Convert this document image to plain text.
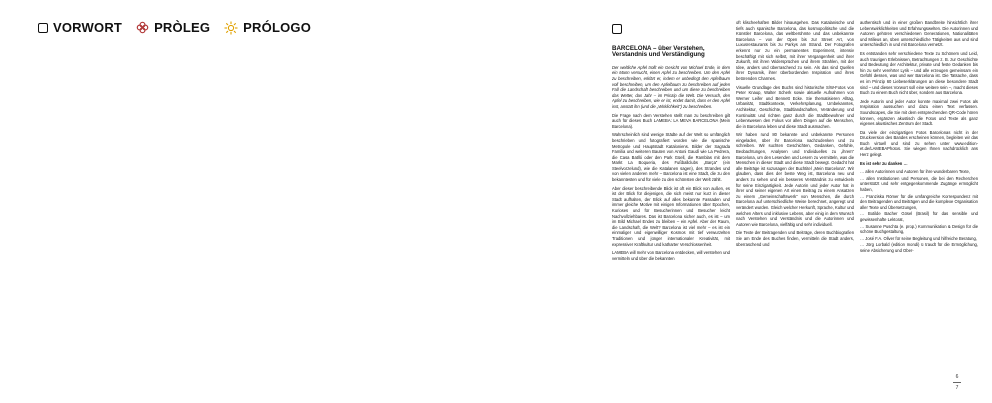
VORWORT PRÒLEG	PRÓLOGO

BARCELONA – über Verstehen, Verstandnis und Verständigung

Der weltliche Apfel trollt ein Gesicht von Michael Ende, in dem ein Mann versucht, einen Apfel zu beschreiben. Um den Apfel zu beschreiben, erklärt er, indem er unbedingt den Apfelbaum voll beschreiben, um den Apfelbaum zu beschreiben auf jeden Fall die Landschaft beschreiben und um diese zu beschreiben das Wetter, das Jahr – im Prinzip die Welt. Die Versuch, den Apfel zu beschreiben, wie er ist, endet damit, dass er den Apfel isst, anstatt ihn (und die „Wirklichkeit“) zu beschreiben.

Die Frage nach dem Verstehen stellt man zu beschreiben gilt auch für dieses Buch LAMEBA: LA MEVA BARCELONA (Mein Barcelona).

Wahrscheinlich sind wenige Städte auf der Welt so umfänglich beschrieben und fotografiert worden wie die spanische Metropole und Hauptstadt Kataloniens. Bilder der Sagrada Familia und weiteren Bauten von Antoni Gaudí wie La Pedrera, die Casa Batlló oder den Park Güell, die Ramblas mit dem Markt La Boqueria, des Fußballclubs „Barça“ (ein Steelvorzelund), wie die Katalanen sagen), des Strandes und von vielen anderen mehr – Barcelona ist eine Stadt, die zu den bekanntesten und für viele zu den schönsten der Welt zählt.

Aber dieser beschreibende Blick ist oft ein Blick von außen, es ist der Blick für diejenigen, die sich meist nur kurz in dieser Stadt aufhalten, der Blick auf alles bekannte Fassaden und immer gleiche Motive mit einigen Informationen über Epochen, Kurioses und für Besucherinnen und Besucher leicht Nachvollziehbares. Das ist Barcelona sicher auch, es ist – um im Bild Michael Endes zu bleiben – ein Apfel. Aber der Raum, die Landschaft, die Welt? Barcelona ist viel mehr – es ist ein einmaliger und eigenwilliger Kosmos mit tief verwurzelten Traditionen und jünger internationaler Kreativität, mit expressiver Kraftkultur und katharter Verschlossenheit.

LAMEBA will mehr von Barcelona entdecken, will verstehen und vermitteln und über die bekannten

oft klischeehaften Bilder hinausgehen. Das Katalanische und tiefs auch spanische Barcelona, das kosmopolitische und die Künstler Barcelona, das weltberühmte und das unbekannte Barcelona – von der Open bis zur Street Art, von Luxusrestaurants bis zu Parkys am Strand. Der Fotografen erkennt nur zu ein permanentes Experiment, intensiv beschäftigt mit sich selbst, mit ihrer Vergangenheit und ihrer Zukunft, mit ihren Widersprüchen und ihrem Strahlen, mit der Idee, anders und überraschend zu sein. Als das sind Quellen ihrer Dynamik, ihrer überbordenden Inspiration und ihres betörenden Charmes.

Visuelle Grundlage des Buchs sind historische S/W-Fotos von Peter Knaup, Walter Scherk sowie aktuelle Aufnahmen von Werner Leifer und Bennett Ecke. Sie thematisieren Alltag, Urbanität, Stadtkontexte, Verkehrsplanung, Umbekanntes, Architektur, Geschichte, Stadtlandschaften, Veränderung und Kontinuität und richten ganz durch die Stadtbewohner und Lebenswesen den Fokus vor allen Dingen auf die Menschen, die in Barcelona leben und diese Stadt ausmachen.

Wir haben rund 80 bekannte und unbekannte Personen eingeladen, über ihr Barcelona nachzudenken und zu schreiben. Wir suchten Geschichten, Gedanken, Gefühle, Beobachtungen, Analysen und Individuelles zu „ihrem“ Barcelona, um den Lesenden und Lesern zu vermitteln, was die Menschen in dieser Stadt und diese Stadt bewegt. Gedacht hat alle Beiträge ist sozusagen der Buchtitel „Mein Barcelona“. Wir glauben, dass dies der beste Weg ist, Barcelona neu und anders zu sehen und ein besseres Verständnis zu entwickeln für seine Einzigartigkeit. Jede Autorin und jeder Autor hat in ihrer und seiner eigenen Art einen Beitrag zu einem Ansatzen zu einem „Gemeinschaftswerk“ von Menschen, die durch Barcelona auf unterschiedliche Weise berechnet, angeregt und verändert wurden. Gleich welcher Herkunft, Sprache, Kultur und welchen Alters und inklusive Lebens, aber einig in dem Wunsch nach Verstehen und Verständnis und die Autorinnen und Autoren wie Barcelona, vielfältig und sehr individuell.

Die Texte der Beitragenden und Beiträge, deren Buchbiografien Sie am Ende des Buches finden, vermitteln die Stadt anders, überraschend und

authentisch und in einer großen Bandbreite hinsichtlich ihrer Lebenswirklichkeiten und Erfahrungswelten. Die Autorinnen und Autoren gehören verschiedenen Generationen, Nationalitäten und Milieus an, üben unterschiedliche Tätigkeiten aus und sind unterschiedlich in und mit Barcelona vernetzt.

Es entstanden sehr verschiedene Texte zu Schönem und Leid, auch traurigen Erlebnissen, Betrachtungen z. B. zur Geschichte und Bedeutung der Architektur, private und feste Gedanken bis hin zu sehr verehrter Lyrik – und alle erzeugen gemeinsam ein Gefühl dessen, was und wer Barcelona ist. Die Tatsache, dass es im Prinzip 60 Liebeserklärungen an diese besondere Stadt sind – und dieses Vorwort soll eine weitere sein –, macht dieses Buch zu einem Buch nicht über, sondern aus Barcelona.

Jede Autorin und jeder Autor konnte maximal zwei Fotos als Inspiration aussuchen und dazu einen Text verfassen. Soundscapes, die Sie mit dem entsprechenden QR-Code hören können, ergänzen akustisch die Fotos und Texte als ganz eigenes akustisches Zentrum der Stadt.

Da viele der einzigartigen Fotos Barcelonas nicht in der Druckversion des Bandes erscheinen können, begleiten wir das Buch virtuell und sind zu sehen unter www.edition-et.de/LAMEBAPhotos. Sie wiegen Ihnen nachdrücklich ans Herz gelegt.

Es ist sehr zu danken …

… allen Autorinnen und Autoren für ihre wunderbaren Texte,

… allen Institutionen und Personen, die bei den Recherchen unterstützt und sehr entgegenkommende Zugänge ermöglicht haben,

… Franziska Römer für die umfangreiche Korrespondenz mit den Beitragenden und Beiträgen und die komplexe Organisation aller Texte und Übersetzungen,

… Botilde Bacher Gösel (Brasil) für das sensible und gewissenhafte Lektorat,

… Susanne Puschta (e. prop.) Kommunikation & Design für die schöne Buchgestaltung,

… José F.A. Oliver für seine Begleitung und hilfreiche Beratung,

… Jörg Lorbald (edition mondi) ü traudt für die Ermöglichung, seine Absicherung und Ober-

6
7
